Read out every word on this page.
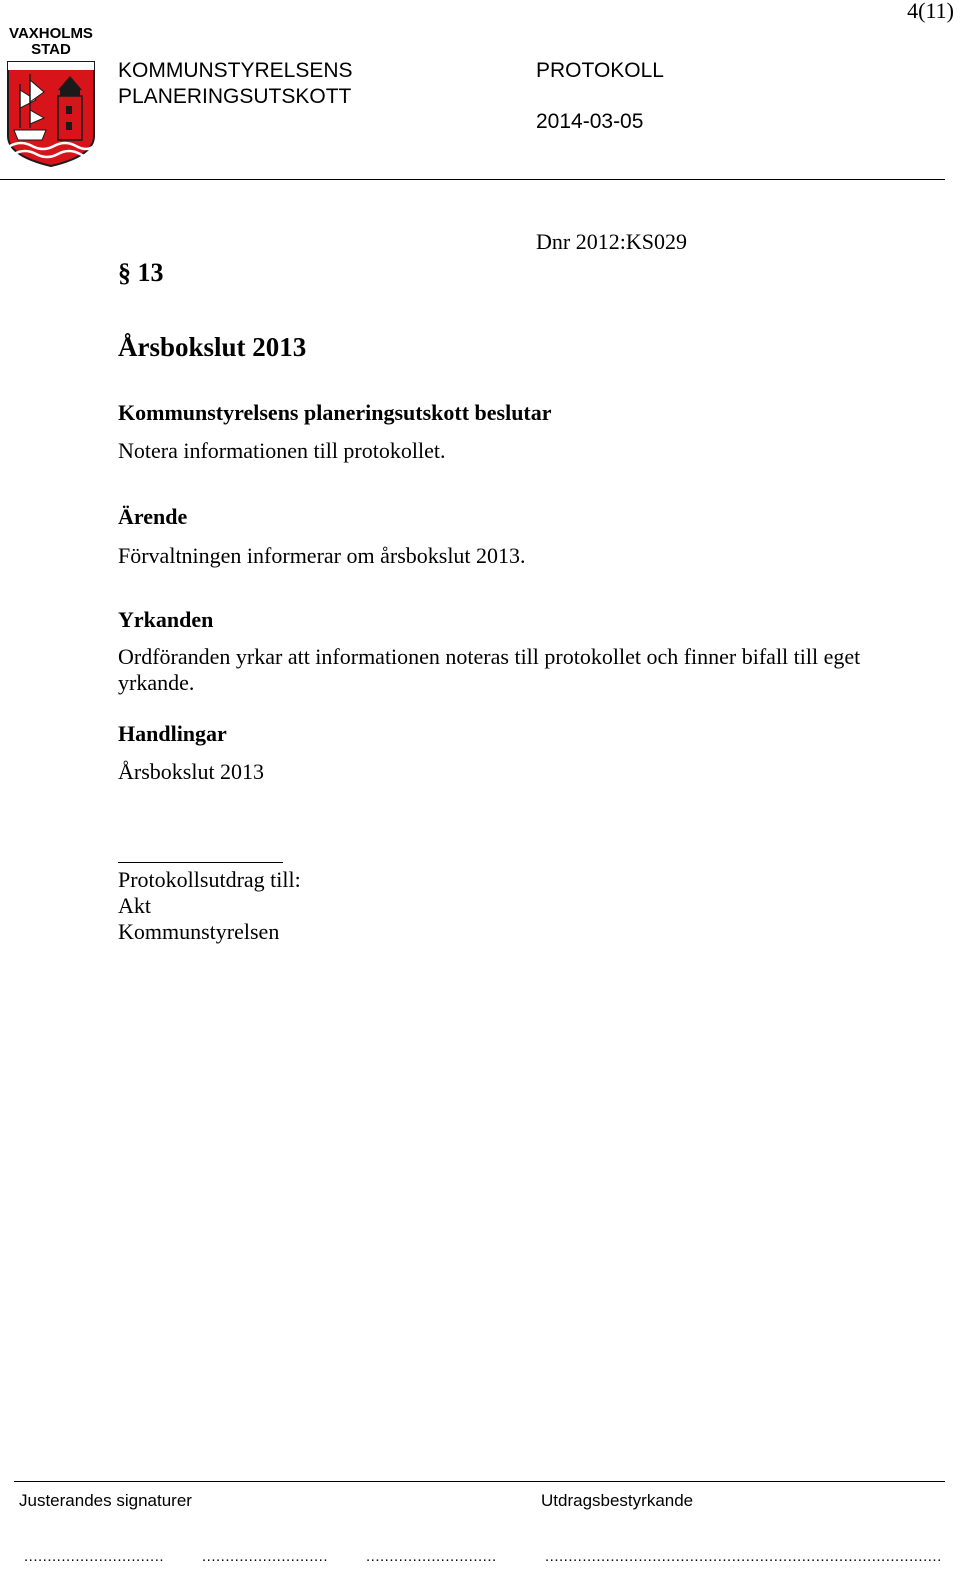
4(11)
VAXHOLMS
STAD
KOMMUNSTYRELSENS
PLANERINGSUTSKOTT
PROTOKOLL
2014-03-05
Dnr 2012:KS029
§ 13
Årsbokslut 2013
Kommunstyrelsens planeringsutskott beslutar
Notera informationen till protokollet.
Ärende
Förvaltningen informerar om årsbokslut 2013.
Yrkanden
Ordföranden yrkar att informationen noteras till protokollet och finner bifall till eget yrkande.
Handlingar
Årsbokslut 2013
Protokollsutdrag till:
Akt
Kommunstyrelsen
Justerandes signaturer	Utdragsbestyrkande
..............................	...........................	............................	.....................................................................................
